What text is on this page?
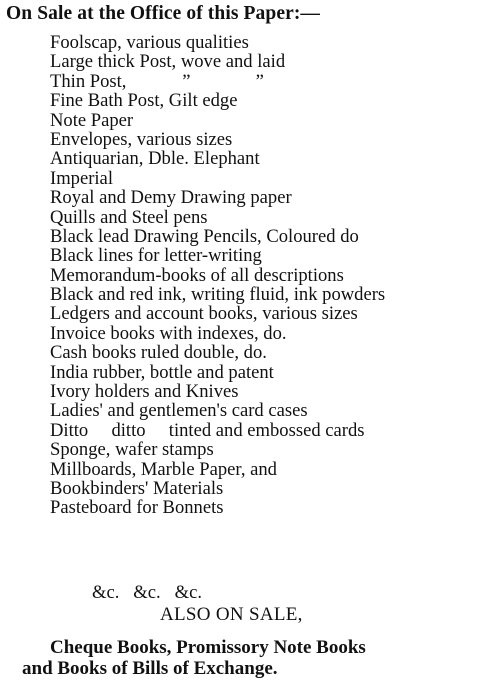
On Sale at the Office of this Paper:—
Foolscap, various qualities
Large thick Post, wove and laid
Thin Post,            ”              ”
Fine Bath Post, Gilt edge
Note Paper
Envelopes, various sizes
Antiquarian, Dble. Elephant
Imperial
Royal and Demy Drawing paper
Quills and Steel pens
Black lead Drawing Pencils, Coloured do
Black lines for letter-writing
Memorandum-books of all descriptions
Black and red ink, writing fluid, ink powders
Ledgers and account books, various sizes
Invoice books with indexes, do.
Cash books ruled double, do.
India rubber, bottle and patent
Ivory holders and Knives
Ladies' and gentlemen's card cases
Ditto     ditto     tinted and embossed cards
Sponge, wafer stamps
Millboards, Marble Paper, and
Bookbinders' Materials
Pasteboard for Bonnets
&c.   &c.   &c.
ALSO ON SALE,
Cheque Books, Promissory Note Books
and Books of Bills of Exchange.
